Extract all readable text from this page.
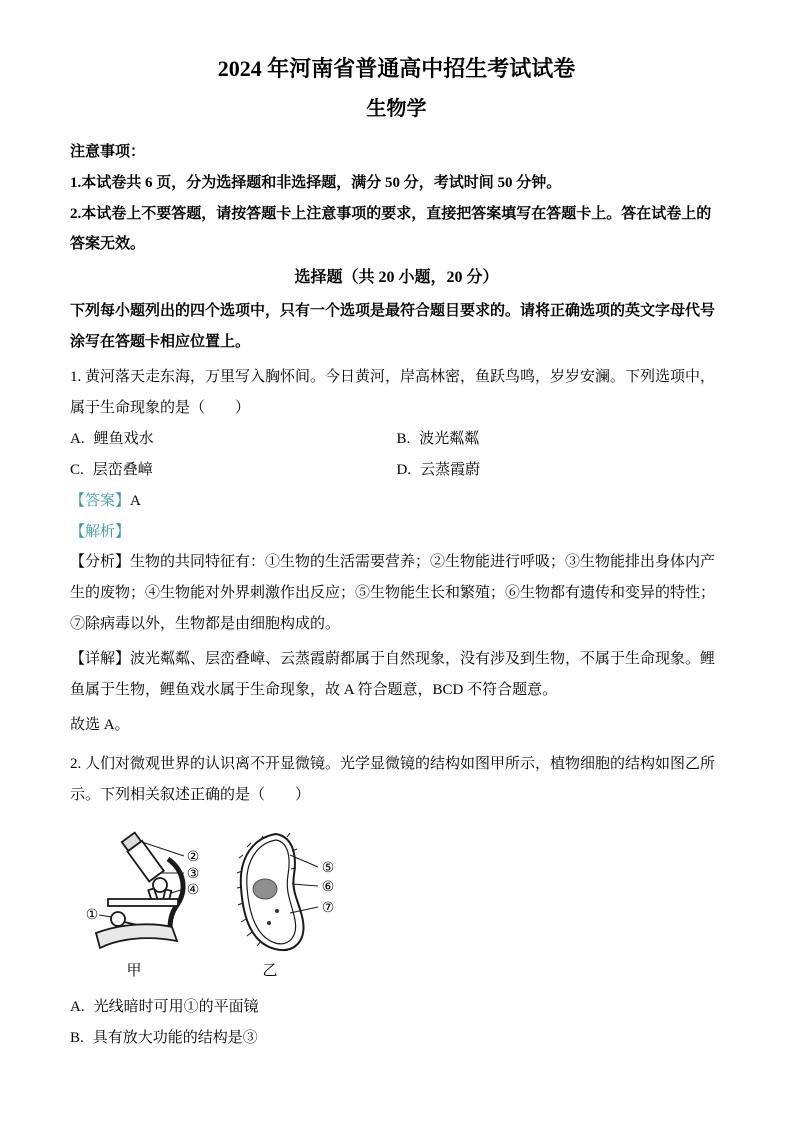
2024 年河南省普通高中招生考试试卷
生物学

注意事项：

1.本试卷共 6 页，分为选择题和非选择题，满分 50 分，考试时间 50 分钟。

2.本试卷上不要答题，请按答题卡上注意事项的要求，直接把答案填写在答题卡上。答在试卷上的答案无效。

选择题（共 20 小题，20 分）

下列每小题列出的四个选项中，只有一个选项是最符合题目要求的。请将正确选项的英文字母代号涂写在答题卡相应位置上。

1. 黄河落天走东海，万里写入胸怀间。今日黄河，岸高林密，鱼跃鸟鸣，岁岁安澜。下列选项中，属于生命现象的是（　　）

A. 鲤鱼戏水	B. 波光粼粼
C. 层峦叠嶂	D. 云蒸霞蔚

【答案】A

【解析】

【分析】生物的共同特征有：①生物的生活需要营养；②生物能进行呼吸；③生物能排出身体内产生的废物；④生物能对外界刺激作出反应；⑤生物能生长和繁殖；⑥生物都有遗传和变异的特性；⑦除病毒以外，生物都是由细胞构成的。

【详解】波光粼粼、层峦叠嶂、云蒸霞蔚都属于自然现象，没有涉及到生物，不属于生命现象。鲤鱼属于生物，鲤鱼戏水属于生命现象，故 A 符合题意，BCD 不符合题意。

故选 A。

2. 人们对微观世界的认识离不开显微镜。光学显微镜的结构如图甲所示，植物细胞的结构如图乙所示。下列相关叙述正确的是（　　）

②
③
④
①
甲
⑤
⑥
⑦
乙

A. 光线暗时可用①的平面镜

B. 具有放大功能的结构是③
